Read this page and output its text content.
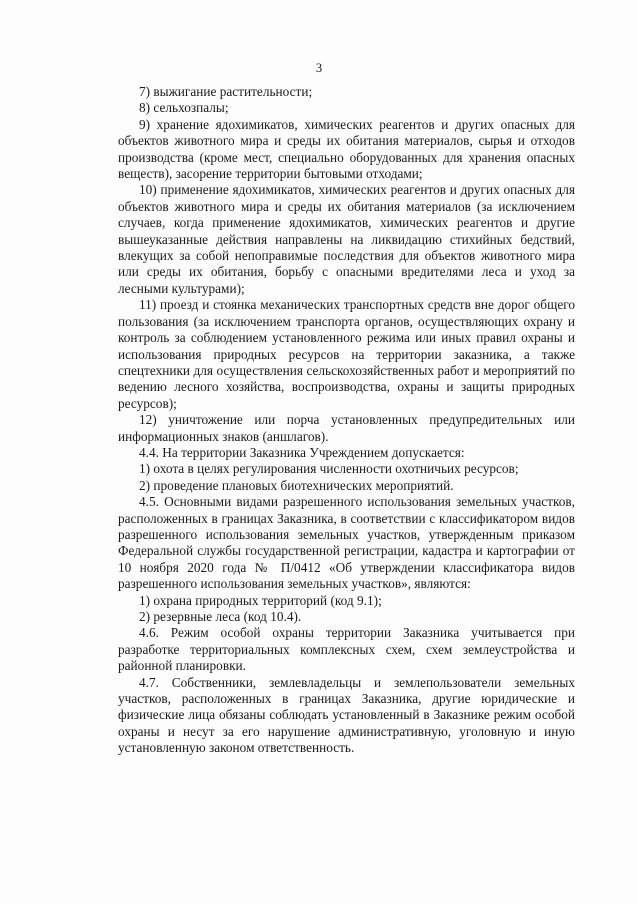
3

7) выжигание растительности;

8) сельхозпалы;

9) хранение ядохимикатов, химических реагентов и других опасных для объектов животного мира и среды их обитания материалов, сырья и отходов производства (кроме мест, специально оборудованных для хранения опасных веществ), засорение территории бытовыми отходами;

10) применение ядохимикатов, химических реагентов и других опасных для объектов животного мира и среды их обитания материалов (за исключением случаев, когда применение ядохимикатов, химических реагентов и другие вышеуказанные действия направлены на ликвидацию стихийных бедствий, влекущих за собой непоправимые последствия для объектов животного мира или среды их обитания, борьбу с опасными вредителями леса и уход за лесными культурами);

11) проезд и стоянка механических транспортных средств вне дорог общего пользования (за исключением транспорта органов, осуществляющих охрану и контроль за соблюдением установленного режима или иных правил охраны и использования природных ресурсов на территории заказника, а также спецтехники для осуществления сельскохозяйственных работ и мероприятий по ведению лесного хозяйства, воспроизводства, охраны и защиты природных ресурсов);

12) уничтожение или порча установленных предупредительных или информационных знаков (аншлагов).

4.4. На территории Заказника Учреждением допускается:

1) охота в целях регулирования численности охотничьих ресурсов;

2) проведение плановых биотехнических мероприятий.

4.5. Основными видами разрешенного использования земельных участков, расположенных в границах Заказника, в соответствии с классификатором видов разрешенного использования земельных участков, утвержденным приказом Федеральной службы государственной регистрации, кадастра и картографии от 10 ноября 2020 года № П/0412 «Об утверждении классификатора видов разрешенного использования земельных участков», являются:

1) охрана природных территорий (код 9.1);

2) резервные леса (код 10.4).

4.6. Режим особой охраны территории Заказника учитывается при разработке территориальных комплексных схем, схем землеустройства и районной планировки.

4.7. Собственники, землевладельцы и землепользователи земельных участков, расположенных в границах Заказника, другие юридические и физические лица обязаны соблюдать установленный в Заказнике режим особой охраны и несут за его нарушение административную, уголовную и иную установленную законом ответственность.
